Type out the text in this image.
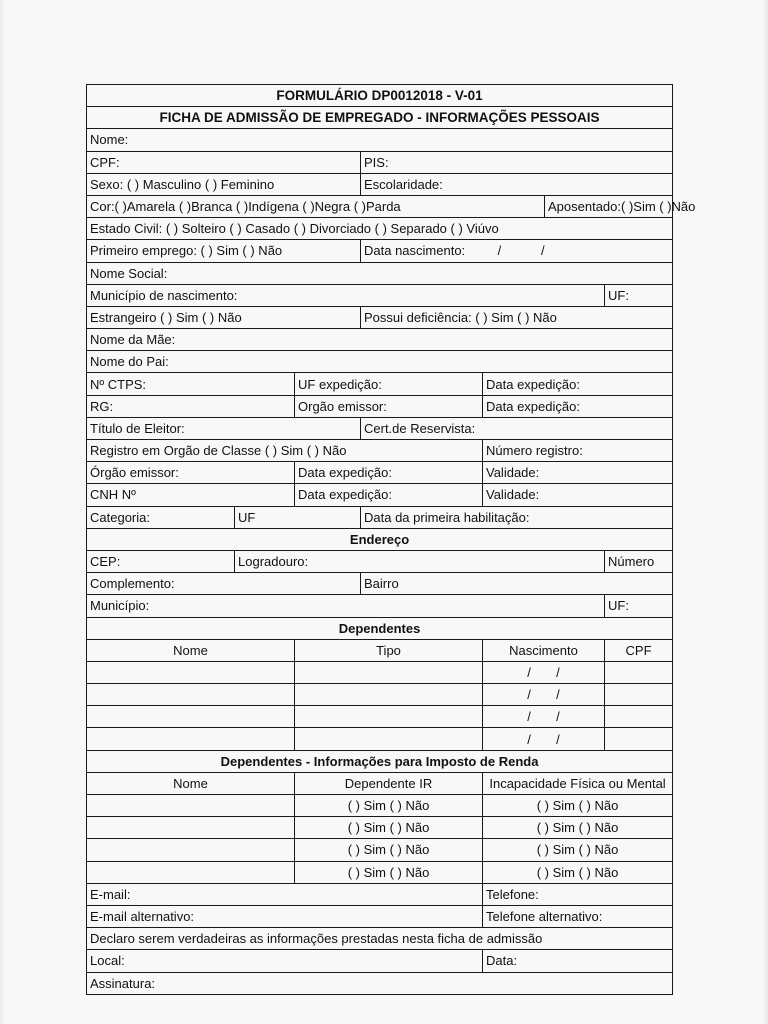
FORMULÁRIO DP0012018 - V-01						
FICHA DE ADMISSÃO DE EMPREGADO - INFORMAÇÕES PESSOAIS						
Nome:						
CPF:			PIS:			
Sexo: ( ) Masculino ( ) Feminino			Escolaridade:			
Cor:( )Amarela ( )Branca ( )Indígena ( )Negra ( )Parda					Aposentado:( )Sim ( )Não	
Estado Civil: ( ) Solteiro ( ) Casado ( ) Divorciado ( ) Separado ( ) Viúvo						
Primeiro emprego: ( ) Sim ( ) Não			Data nascimento:         /           /			
Nome Social:						
Município de nascimento:						UF:
Estrangeiro ( ) Sim ( ) Não			Possui deficiência: ( ) Sim ( ) Não			
Nome da Mãe:						
Nome do Pai:						
Nº CTPS:		UF expedição:		Data expedição:		
RG:		Orgão emissor:		Data expedição:		
Título de Eleitor:			Cert.de Reservista:			
Registro em Orgão de Classe ( ) Sim ( ) Não				Número registro:		
Órgão emissor:		Data expedição:		Validade:		
CNH Nº		Data expedição:		Validade:		
Categoria:	UF		Data da primeira habilitação:			
Endereço						
CEP:	Logradouro:					Número
Complemento:			Bairro			
Município:						UF:
Dependentes						
Nome		Tipo		Nascimento		CPF
				/       /		
				/       /		
				/       /		
				/       /		
Dependentes - Informações para Imposto de Renda						
Nome		Dependente IR		Incapacidade Física ou Mental		
		( ) Sim ( ) Não		( ) Sim ( ) Não		
		( ) Sim ( ) Não		( ) Sim ( ) Não		
		( ) Sim ( ) Não		( ) Sim ( ) Não		
		( ) Sim ( ) Não		( ) Sim ( ) Não		
E-mail:				Telefone:		
E-mail alternativo:				Telefone alternativo:		
Declaro serem verdadeiras as informações prestadas nesta ficha de admissão						
Local:				Data:		
Assinatura:						
